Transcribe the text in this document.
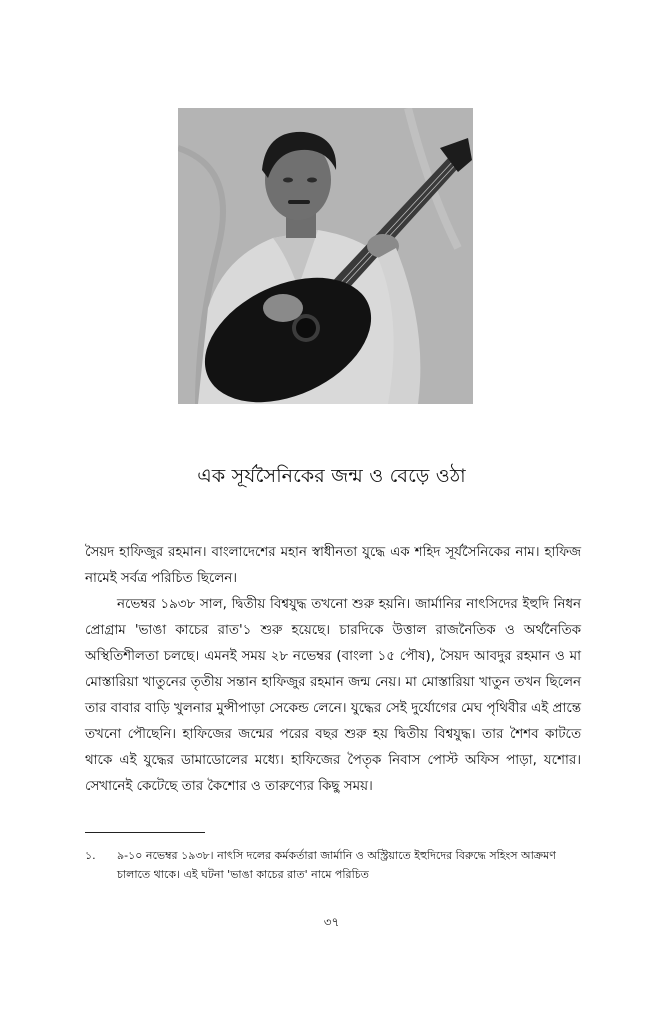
এক সূর্যসৈনিকের জন্ম ও বেড়ে ওঠা

সৈয়দ হাফিজুর রহমান। বাংলাদেশের মহান স্বাধীনতা যুদ্ধে এক শহিদ সূর্যসৈনিকের নাম। হাফিজ নামেই সর্বত্র পরিচিত ছিলেন।

নভেম্বর ১৯৩৮ সাল, দ্বিতীয় বিশ্বযুদ্ধ তখনো শুরু হয়নি। জার্মানির নাৎসিদের ইহুদি নিধন প্রোগ্রাম 'ভাঙা কাচের রাত'১ শুরু হয়েছে। চারদিকে উত্তাল রাজনৈতিক ও অর্থনৈতিক অস্থিতিশীলতা চলছে। এমনই সময় ২৮ নভেম্বর (বাংলা ১৫ পৌষ), সৈয়দ আবদুর রহমান ও মা মোস্তারিয়া খাতুনের তৃতীয় সন্তান হাফিজুর রহমান জন্ম নেয়। মা মোস্তারিয়া খাতুন তখন ছিলেন তার বাবার বাড়ি খুলনার মুন্সীপাড়া সেকেন্ড লেনে। যুদ্ধের সেই দুর্যোগের মেঘ পৃথিবীর এই প্রান্তে তখনো পৌছেনি। হাফিজের জন্মের পরের বছর শুরু হয় দ্বিতীয় বিশ্বযুদ্ধ। তার শৈশব কাটতে থাকে এই যুদ্ধের ডামাডোলের মধ্যে। হাফিজের পৈতৃক নিবাস পোস্ট অফিস পাড়া, যশোর। সেখানেই কেটেছে তার কৈশোর ও তারুণ্যের কিছু সময়।

১.	৯-১০ নভেম্বর ১৯৩৮। নাৎসি দলের কর্মকর্তারা জার্মানি ও অস্ট্রিয়াতে ইহুদিদের বিরুদ্ধে সহিংস আক্রমণ চালাতে থাকে। এই ঘটনা 'ভাঙা কাচের রাত' নামে পরিচিত
৩৭
